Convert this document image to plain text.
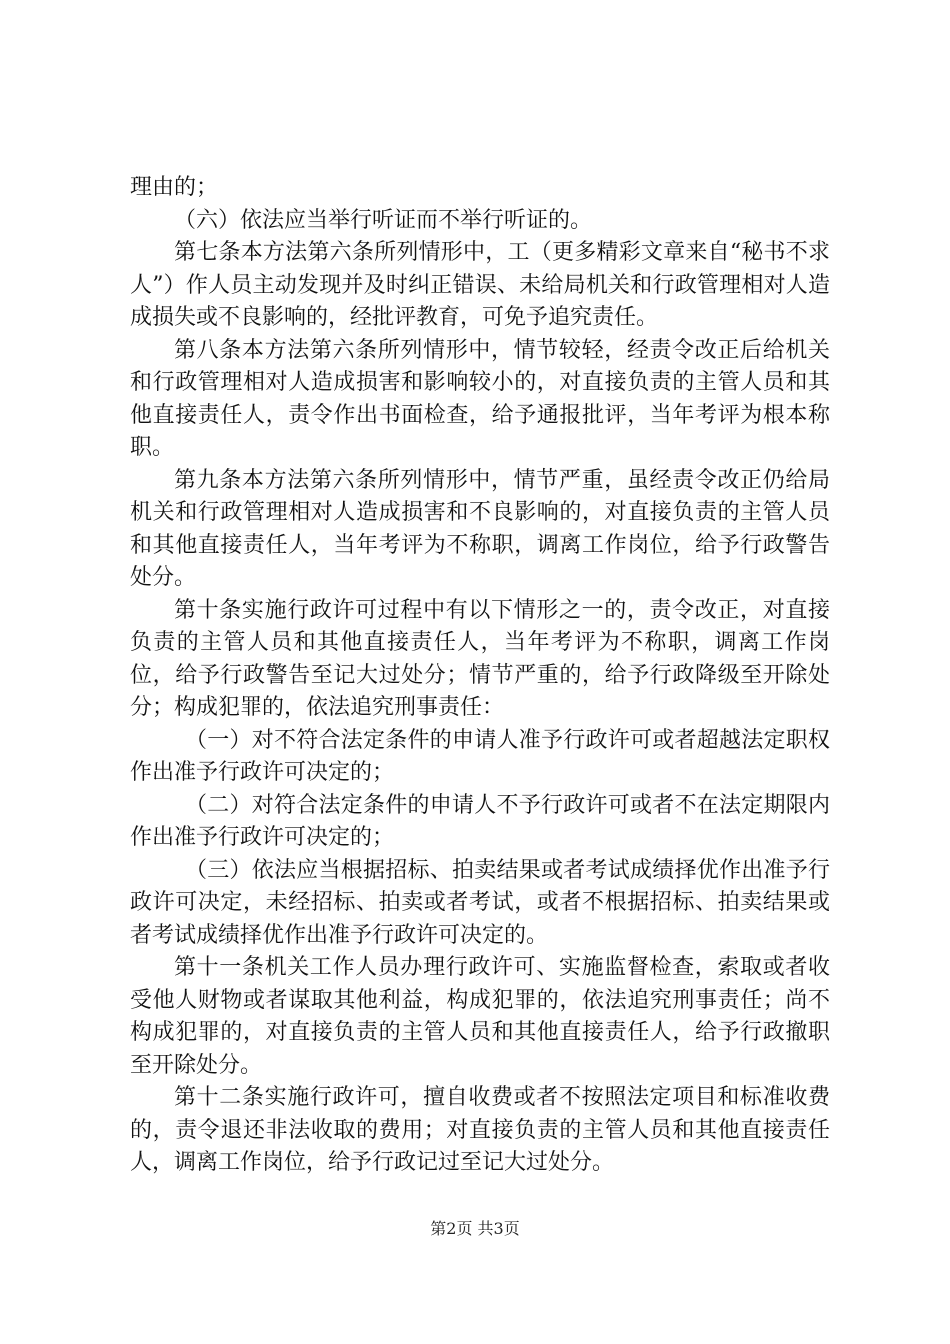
理由的；

（六）依法应当举行听证而不举行听证的。

第七条本方法第六条所列情形中，工（更多精彩文章来自“秘书不求人”）作人员主动发现并及时纠正错误、未给局机关和行政管理相对人造成损失或不良影响的，经批评教育，可免予追究责任。

第八条本方法第六条所列情形中，情节较轻，经责令改正后给机关和行政管理相对人造成损害和影响较小的，对直接负责的主管人员和其他直接责任人，责令作出书面检查，给予通报批评，当年考评为根本称职。

第九条本方法第六条所列情形中，情节严重，虽经责令改正仍给局机关和行政管理相对人造成损害和不良影响的，对直接负责的主管人员和其他直接责任人，当年考评为不称职，调离工作岗位，给予行政警告处分。

第十条实施行政许可过程中有以下情形之一的，责令改正，对直接负责的主管人员和其他直接责任人，当年考评为不称职，调离工作岗位，给予行政警告至记大过处分；情节严重的，给予行政降级至开除处分；构成犯罪的，依法追究刑事责任：

（一）对不符合法定条件的申请人准予行政许可或者超越法定职权作出准予行政许可决定的；

（二）对符合法定条件的申请人不予行政许可或者不在法定期限内作出准予行政许可决定的；

（三）依法应当根据招标、拍卖结果或者考试成绩择优作出准予行政许可决定，未经招标、拍卖或者考试，或者不根据招标、拍卖结果或者考试成绩择优作出准予行政许可决定的。

第十一条机关工作人员办理行政许可、实施监督检查，索取或者收受他人财物或者谋取其他利益，构成犯罪的，依法追究刑事责任；尚不构成犯罪的，对直接负责的主管人员和其他直接责任人，给予行政撤职至开除处分。

第十二条实施行政许可，擅自收费或者不按照法定项目和标准收费的，责令退还非法收取的费用；对直接负责的主管人员和其他直接责任人，调离工作岗位，给予行政记过至记大过处分。

第2页 共3页
